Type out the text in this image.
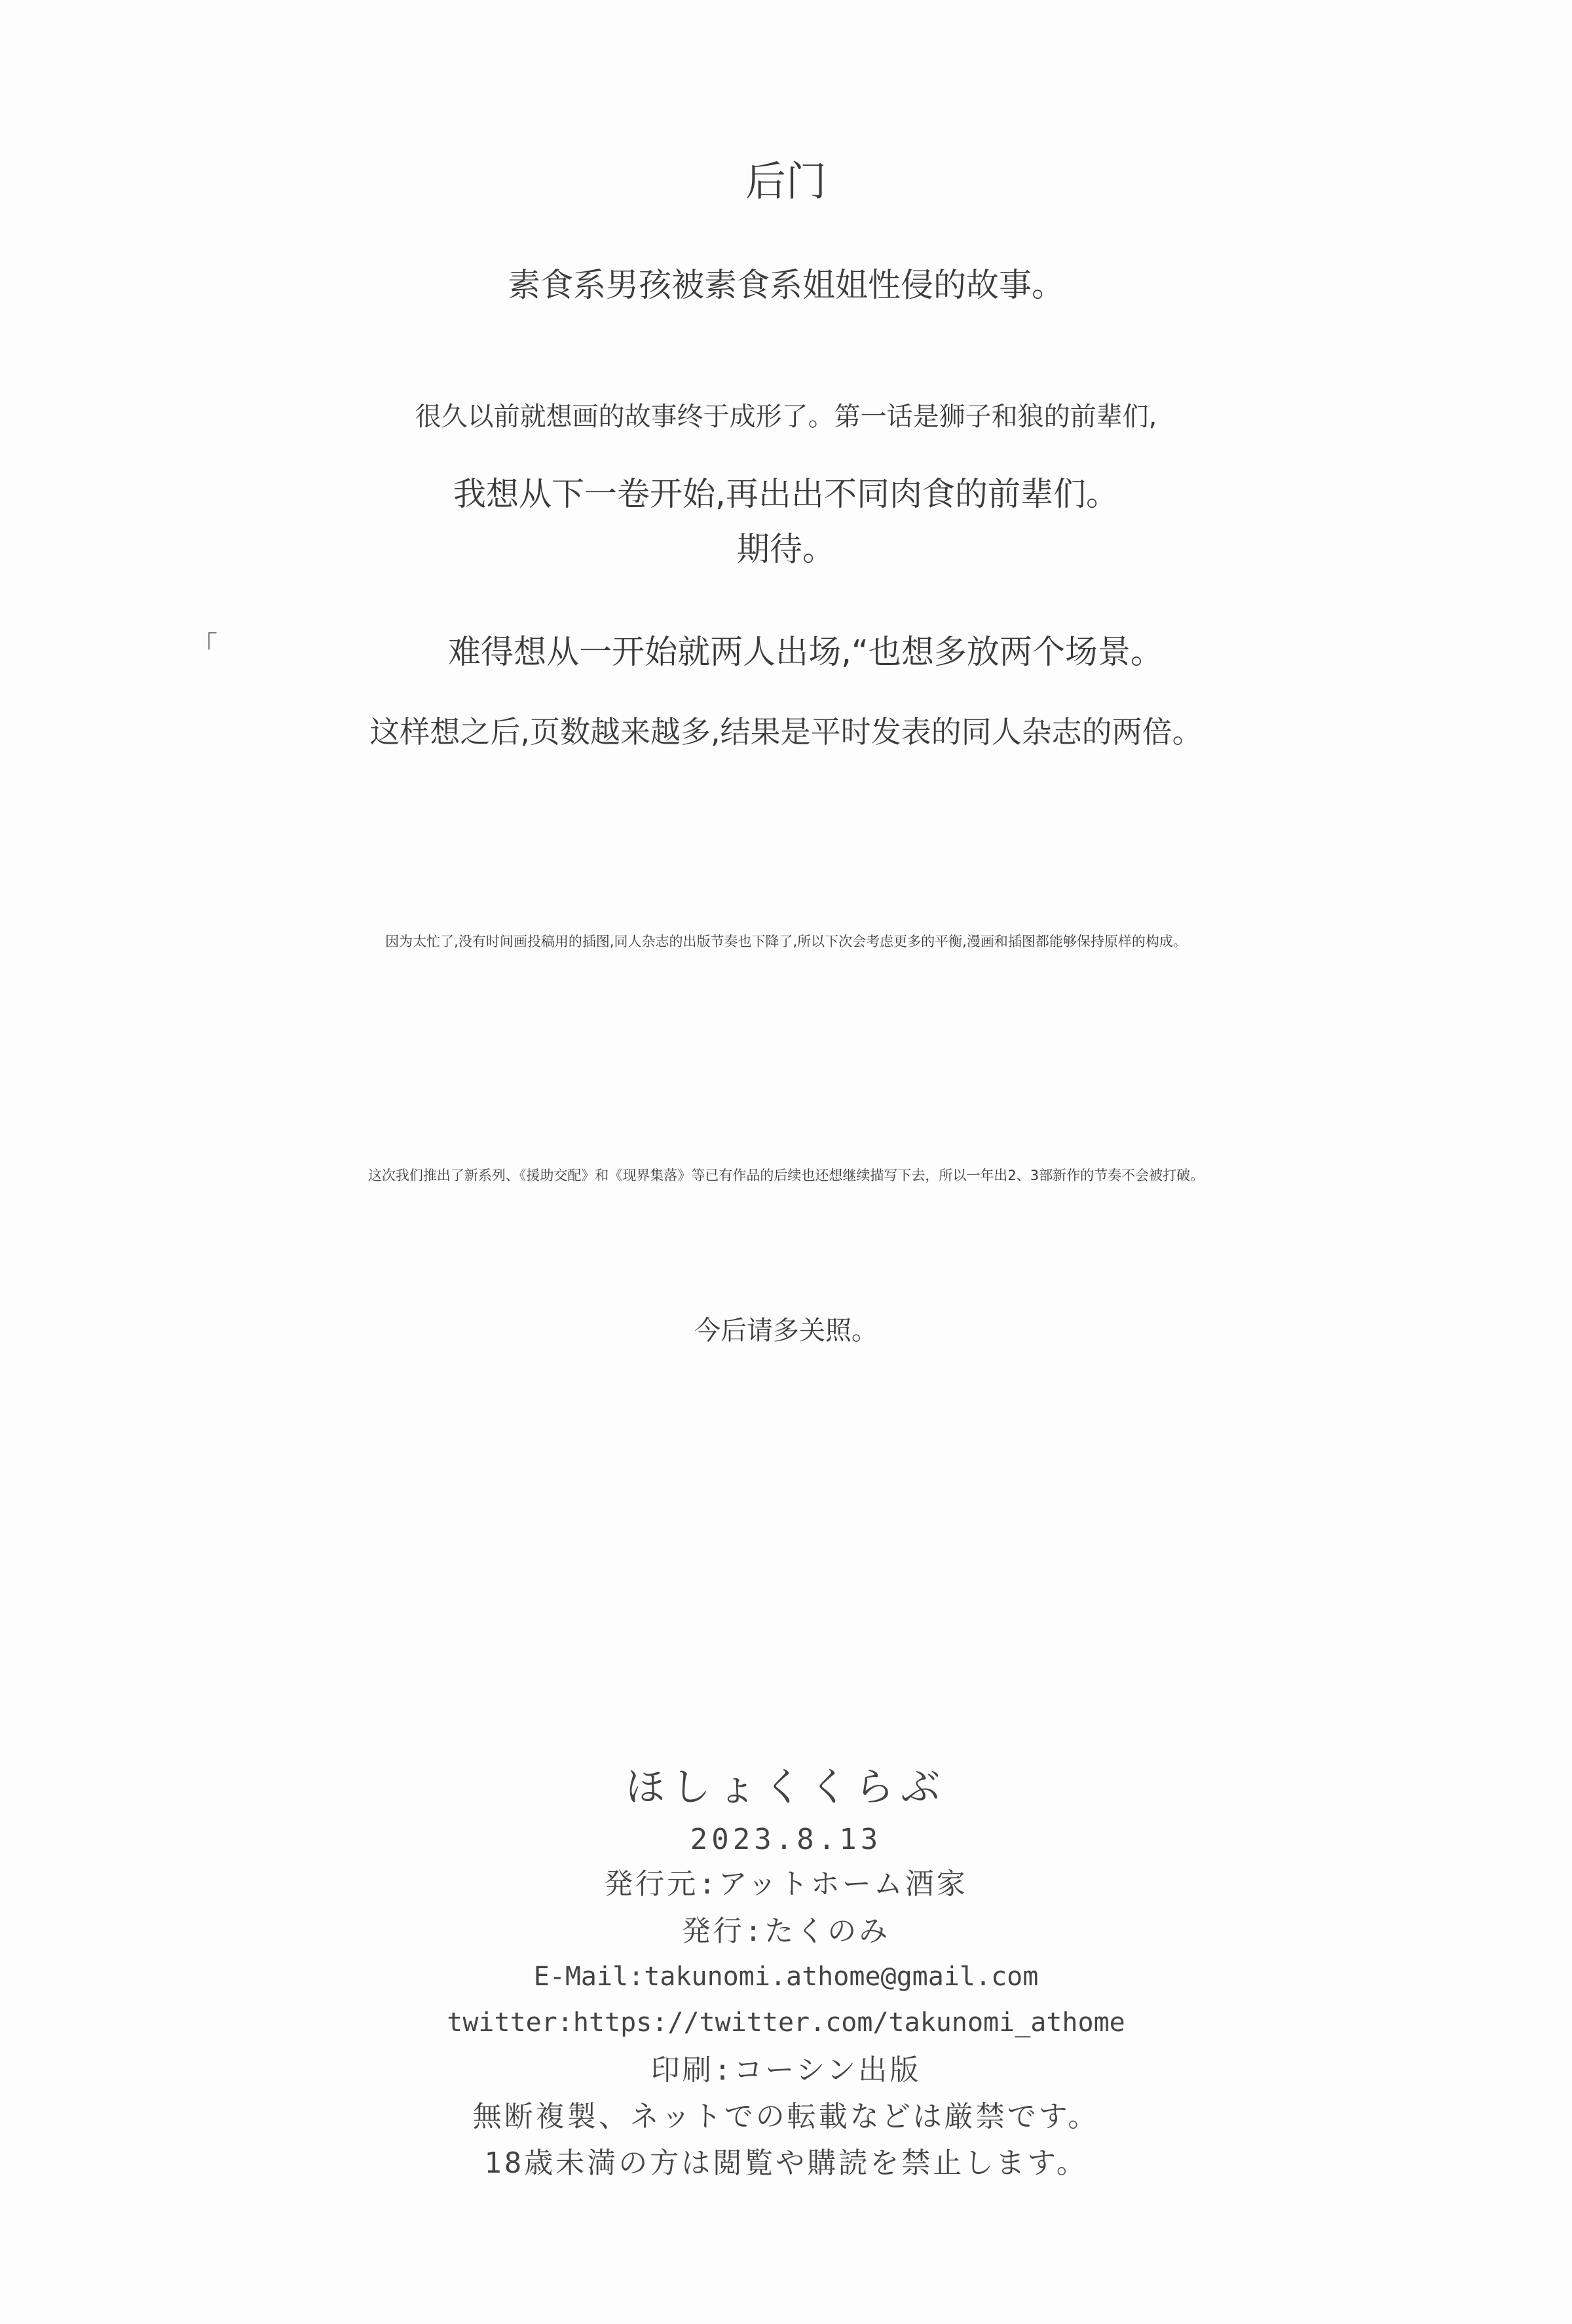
后门
素食系男孩被素食系姐姐性侵的故事。
很久以前就想画的故事终于成形了。第一话是狮子和狼的前辈们,
我想从下一卷开始,再出出不同肉食的前辈们。
期待。
「	难得想从一开始就两人出场,“也想多放两个场景。
这样想之后,页数越来越多,结果是平时发表的同人杂志的两倍。
因为太忙了,没有时间画投稿用的插图,同人杂志的出版节奏也下降了,所以下次会考虑更多的平衡,漫画和插图都能够保持原样的构成。
这次我们推出了新系列、《援助交配》和《现界集落》等已有作品的后续也还想继续描写下去，所以一年出2、3部新作的节奏不会被打破。
今后请多关照。
ほしょくくらぶ
2023.8.13
発行元:アットホーム酒家
発行:たくのみ
E-Mail:takunomi.athome@gmail.com
twitter:https://twitter.com/takunomi_athome
印刷:コーシン出版
無断複製、ネットでの転載などは厳禁です。
18歳未満の方は閲覧や購読を禁止します。
